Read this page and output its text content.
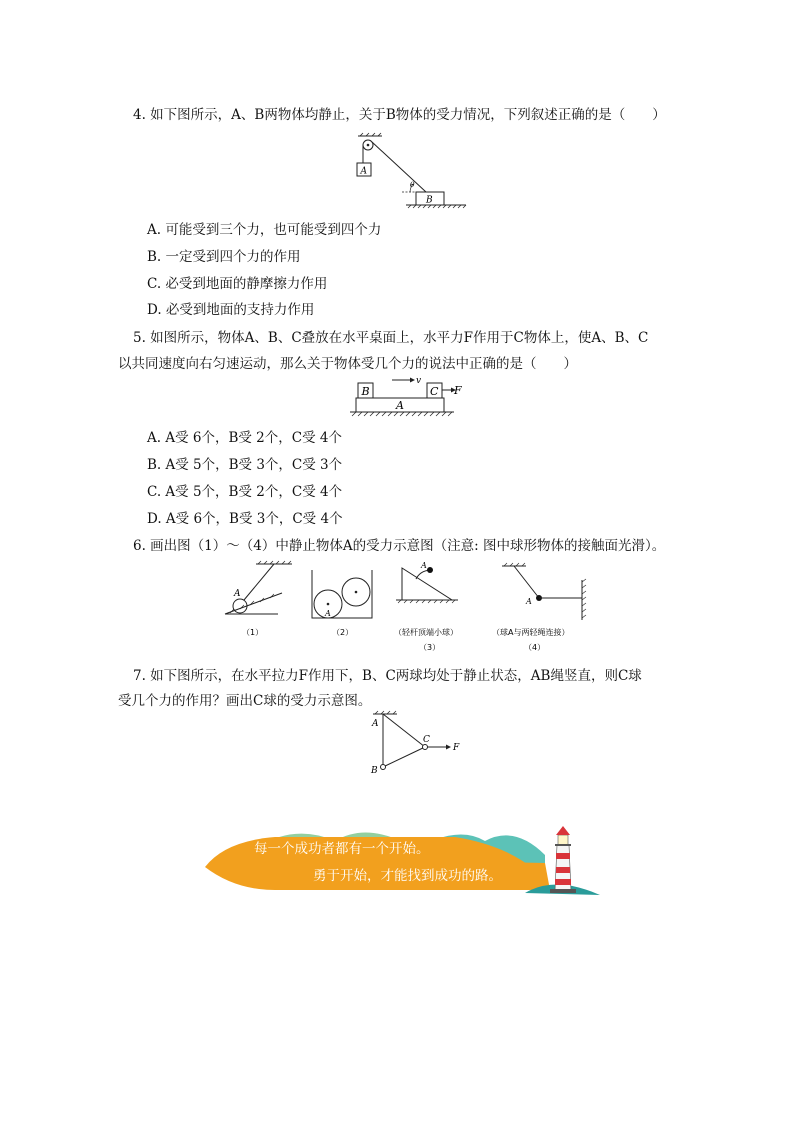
4. 如下图所示，A、B两物体均静止，关于B物体的受力情况，下列叙述正确的是（　　）
A
θ
B
A. 可能受到三个力，也可能受到四个力
B. 一定受到四个力的作用
C. 必受到地面的静摩擦力作用
D. 必受到地面的支持力作用
5. 如图所示，物体A、B、C叠放在水平桌面上，水平力F作用于C物体上，使A、B、C
以共同速度向右匀速运动，那么关于物体受几个力的说法中正确的是（　　）
B
v
C F
A
A. A受 6个，B受 2个，C受 4个
B. A受 5个，B受 3个，C受 3个
C. A受 5个，B受 2个，C受 4个
D. A受 6个，B受 3个，C受 4个
6. 画出图（1）～（4）中静止物体A的受力示意图（注意: 图中球形物体的接触面光滑）。
A
（1）
A
（2）
A
（轻杆顶端小球）
（3）
A
（球A与两轻绳连接）
（4）
7. 如下图所示，在水平拉力F作用下，B、C两球均处于静止状态，AB绳竖直，则C球
受几个力的作用？画出C球的受力示意图。
A
B
C
F
每一个成功者都有一个开始。
勇于开始，才能找到成功的路。
